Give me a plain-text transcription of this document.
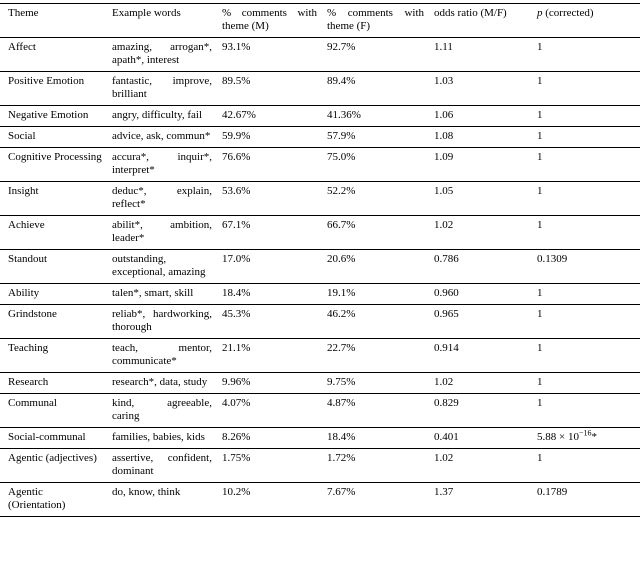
Theme	Example words	% comments with theme (M)	% comments with theme (F)	odds ratio (M/F)	p (corrected)
Affect	amazing, arrogan*, apath*, interest	93.1%	92.7%	1.11	1
Positive Emotion	fantastic, improve, brilliant	89.5%	89.4%	1.03	1
Negative Emotion	angry, difficulty, fail	42.67%	41.36%	1.06	1
Social	advice, ask, commun*	59.9%	57.9%	1.08	1
Cognitive Processing	accura*, inquir*, interpret*	76.6%	75.0%	1.09	1
Insight	deduc*, explain, reflect*	53.6%	52.2%	1.05	1
Achieve	abilit*, ambition, leader*	67.1%	66.7%	1.02	1
Standout	outstanding, exceptional, amazing	17.0%	20.6%	0.786	0.1309
Ability	talen*, smart, skill	18.4%	19.1%	0.960	1
Grindstone	reliab*, hardworking, thorough	45.3%	46.2%	0.965	1
Teaching	teach, mentor, communicate*	21.1%	22.7%	0.914	1
Research	research*, data, study	9.96%	9.75%	1.02	1
Communal	kind, agreeable, caring	4.07%	4.87%	0.829	1
Social-communal	families, babies, kids	8.26%	18.4%	0.401	$5.88 \times 10^{-16}*$
Agentic (adjectives)	assertive, confident, dominant	1.75%	1.72%	1.02	1
Agentic (Orientation)	do, know, think	10.2%	7.67%	1.37	0.1789
